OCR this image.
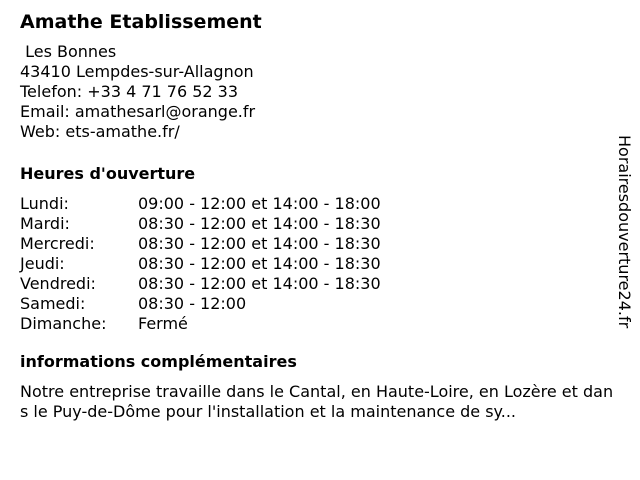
Amathe Etablissement
Les Bonnes
43410 Lempdes-sur-Allagnon
Telefon: +33 4 71 76 52 33
Email: amathesarl@orange.fr
Web: ets-amathe.fr/
Heures d'ouverture
Lundi:	09:00 - 12:00 et 14:00 - 18:00
Mardi:	08:30 - 12:00 et 14:00 - 18:30
Mercredi:	08:30 - 12:00 et 14:00 - 18:30
Jeudi:	08:30 - 12:00 et 14:00 - 18:30
Vendredi:	08:30 - 12:00 et 14:00 - 18:30
Samedi:	08:30 - 12:00
Dimanche:	Fermé
informations complémentaires
Notre entreprise travaille dans le Cantal, en Haute-Loire, en Lozère et dans le Puy-de-Dôme pour l'installation et la maintenance de sy...
Horairesdouverture24.fr
